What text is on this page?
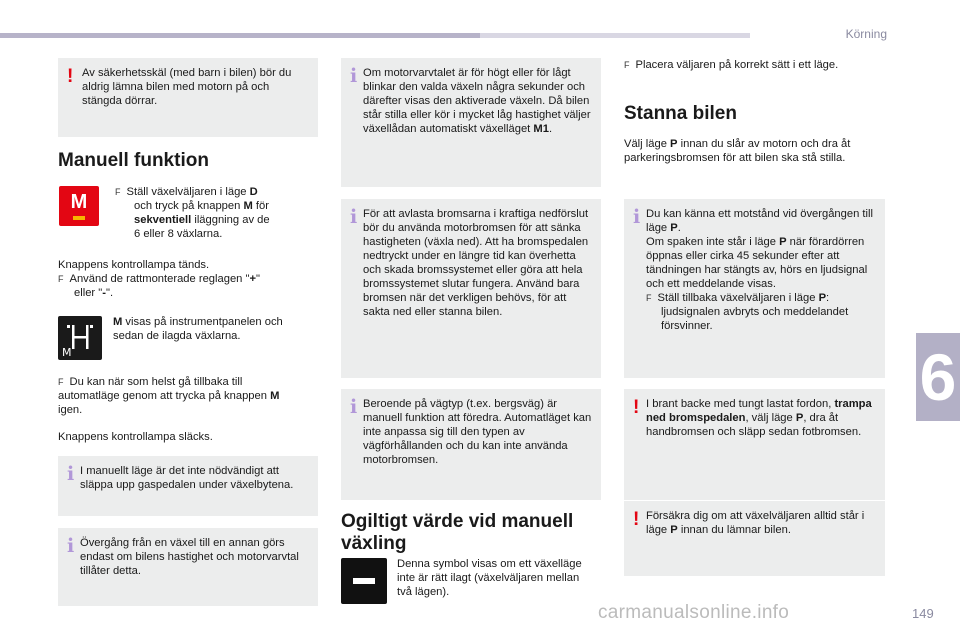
Körning
6
! Av säkerhetsskäl (med barn i bilen) bör du aldrig lämna bilen med motorn på och stängda dörrar.
Manuell funktion
M	F Ställ växelväljaren i läge D
och tryck på knappen M för
sekventiell iläggning av de
6 eller 8 växlarna.
Knappens kontrollampa tänds.
F Använd de rattmonterade reglagen "+"
eller "-".
M
M visas på instrumentpanelen och sedan de ilagda växlarna.
F Du kan när som helst gå tillbaka till automatläge genom att trycka på knappen M igen.
Knappens kontrollampa släcks.
i I manuellt läge är det inte nödvändigt att släppa upp gaspedalen under växelbytena.
i Övergång från en växel till en annan görs endast om bilens hastighet och motorvarvtal tillåter detta.
i Om motorvarvtalet är för högt eller för lågt blinkar den valda växeln några sekunder och därefter visas den aktiverade växeln. Då bilen står stilla eller kör i mycket låg hastighet väljer växellådan automatiskt växelläget M1.
i För att avlasta bromsarna i kraftiga nedförslut bör du använda motorbromsen för att sänka hastigheten (växla ned). Att ha bromspedalen nedtryckt under en längre tid kan överhetta och skada bromssystemet eller göra att hela bromssystemet slutar fungera. Använd bara bromsen när det verkligen behövs, för att sakta ned eller stanna bilen.
i Beroende på vägtyp (t.ex. bergsväg) är manuell funktion att föredra. Automatläget kan inte anpassa sig till den typen av vägförhållanden och du kan inte använda motorbromsen.
Ogiltigt värde vid manuell växling
Denna symbol visas om ett växelläge inte är rätt ilagt (växelväljaren mellan två lägen).
F Placera väljaren på korrekt sätt i ett läge.
Stanna bilen
Välj läge P innan du slår av motorn och dra åt parkeringsbromsen för att bilen ska stå stilla.
i Du kan känna ett motstånd vid övergången till läge P.
Om spaken inte står i läge P när förardörren öppnas eller cirka 45 sekunder efter att tändningen har stängts av, hörs en ljudsignal och ett meddelande visas.
F Ställ tillbaka växelväljaren i läge P:
ljudsignalen avbryts och meddelandet försvinner.
! I brant backe med tungt lastat fordon, trampa ned bromspedalen, välj läge P, dra åt handbromsen och släpp sedan fotbromsen.
! Försäkra dig om att växelväljaren alltid står i läge P innan du lämnar bilen.
carmanualsonline.info	149
